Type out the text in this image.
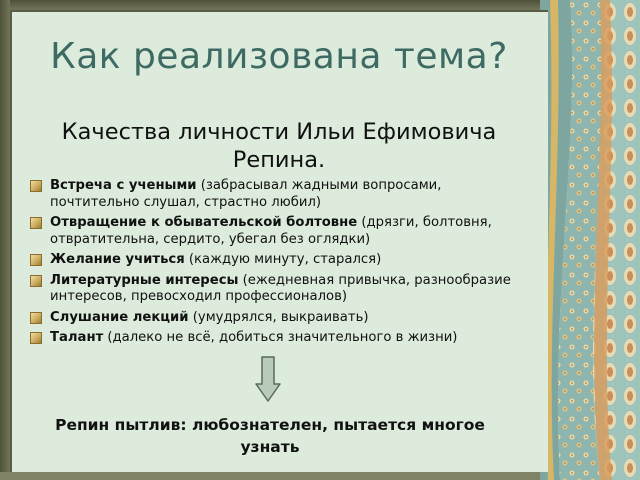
Как реализована тема?
Качества личности Ильи Ефимовича Репина.
Встреча с учеными (забрасывал жадными вопросами, почтительно слушал, страстно любил)
Отвращение к обывательской болтовне (дрязги, болтовня, отвратительна, сердито, убегал без оглядки)
Желание учиться (каждую минуту, старался)
Литературные интересы (ежедневная привычка, разнообразие интересов, превосходил профессионалов)
Слушание лекций (умудрялся, выкраивать)
Талант (далеко не всё, добиться значительного в жизни)
Репин пытлив: любознателен, пытается многое узнать
